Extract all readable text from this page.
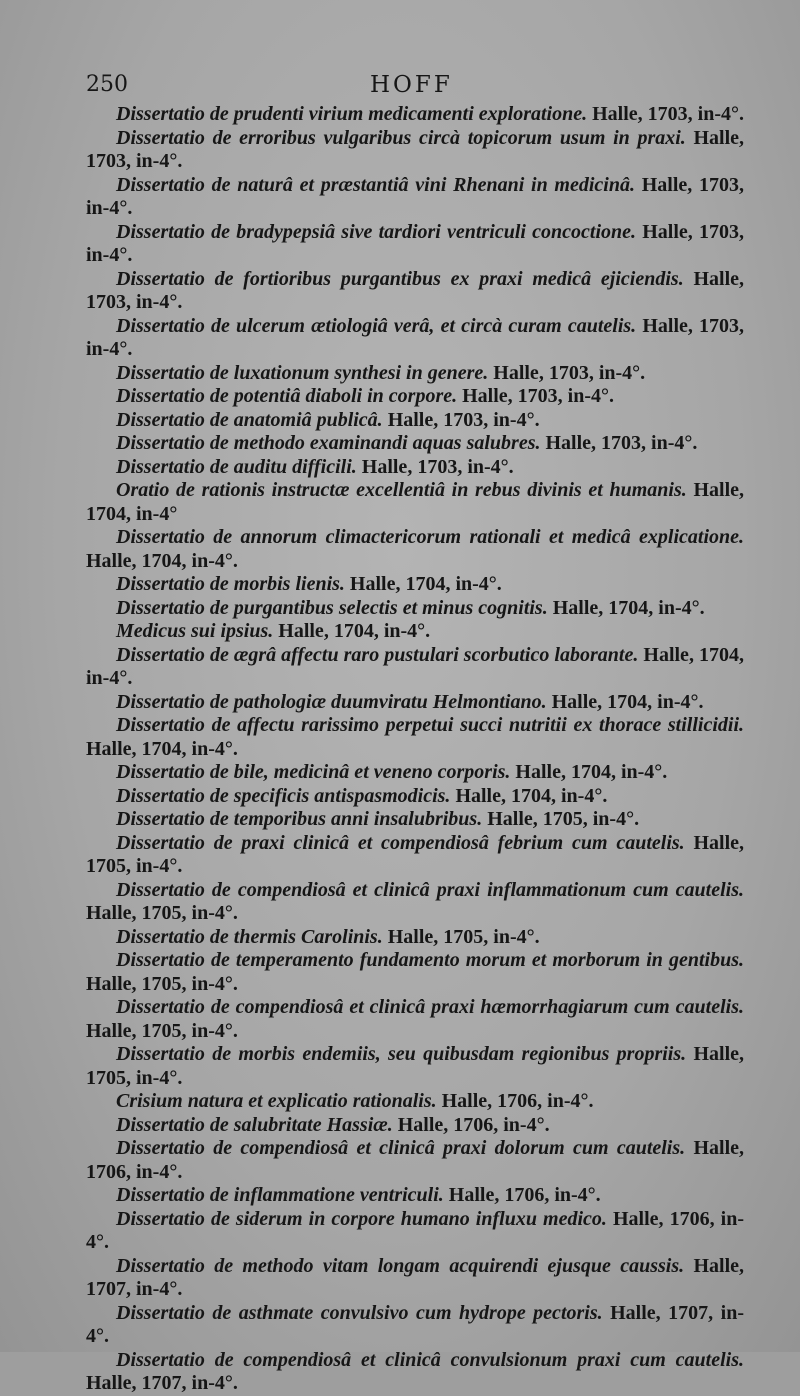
250	HOFF

Dissertatio de prudenti virium medicamenti exploratione. Halle, 1703, in-4°.

Dissertatio de erroribus vulgaribus circà topicorum usum in praxi. Halle, 1703, in-4°.

Dissertatio de naturâ et præstantiâ vini Rhenani in medicinâ. Halle, 1703, in-4°.

Dissertatio de bradypepsiâ sive tardiori ventriculi concoctione. Halle, 1703, in-4°.

Dissertatio de fortioribus purgantibus ex praxi medicâ ejiciendis. Halle, 1703, in-4°.

Dissertatio de ulcerum ætiologiâ verâ, et circà curam cautelis. Halle, 1703, in-4°.

Dissertatio de luxationum synthesi in genere. Halle, 1703, in-4°.

Dissertatio de potentiâ diaboli in corpore. Halle, 1703, in-4°.

Dissertatio de anatomiâ publicâ. Halle, 1703, in-4°.

Dissertatio de methodo examinandi aquas salubres. Halle, 1703, in-4°.

Dissertatio de auditu difficili. Halle, 1703, in-4°.

Oratio de rationis instructæ excellentiâ in rebus divinis et humanis. Halle, 1704, in-4°

Dissertatio de annorum climactericorum rationali et medicâ explicatione. Halle, 1704, in-4°.

Dissertatio de morbis lienis. Halle, 1704, in-4°.

Dissertatio de purgantibus selectis et minus cognitis. Halle, 1704, in-4°.

Medicus sui ipsius. Halle, 1704, in-4°.

Dissertatio de ægrâ affectu raro pustulari scorbutico laborante. Halle, 1704, in-4°.

Dissertatio de pathologiæ duumviratu Helmontiano. Halle, 1704, in-4°.

Dissertatio de affectu rarissimo perpetui succi nutritii ex thorace stillicidii. Halle, 1704, in-4°.

Dissertatio de bile, medicinâ et veneno corporis. Halle, 1704, in-4°.

Dissertatio de specificis antispasmodicis. Halle, 1704, in-4°.

Dissertatio de temporibus anni insalubribus. Halle, 1705, in-4°.

Dissertatio de praxi clinicâ et compendiosâ febrium cum cautelis. Halle, 1705, in-4°.

Dissertatio de compendiosâ et clinicâ praxi inflammationum cum cautelis. Halle, 1705, in-4°.

Dissertatio de thermis Carolinis. Halle, 1705, in-4°.

Dissertatio de temperamento fundamento morum et morborum in gentibus. Halle, 1705, in-4°.

Dissertatio de compendiosâ et clinicâ praxi hæmorrhagiarum cum cautelis. Halle, 1705, in-4°.

Dissertatio de morbis endemiis, seu quibusdam regionibus propriis. Halle, 1705, in-4°.

Crisium natura et explicatio rationalis. Halle, 1706, in-4°.

Dissertatio de salubritate Hassiæ. Halle, 1706, in-4°.

Dissertatio de compendiosâ et clinicâ praxi dolorum cum cautelis. Halle, 1706, in-4°.

Dissertatio de inflammatione ventriculi. Halle, 1706, in-4°.

Dissertatio de siderum in corpore humano influxu medico. Halle, 1706, in-4°.

Dissertatio de methodo vitam longam acquirendi ejusque caussis. Halle, 1707, in-4°.

Dissertatio de asthmate convulsivo cum hydrope pectoris. Halle, 1707, in-4°.

Dissertatio de compendiosâ et clinicâ convulsionum praxi cum cautelis. Halle, 1707, in-4°.
